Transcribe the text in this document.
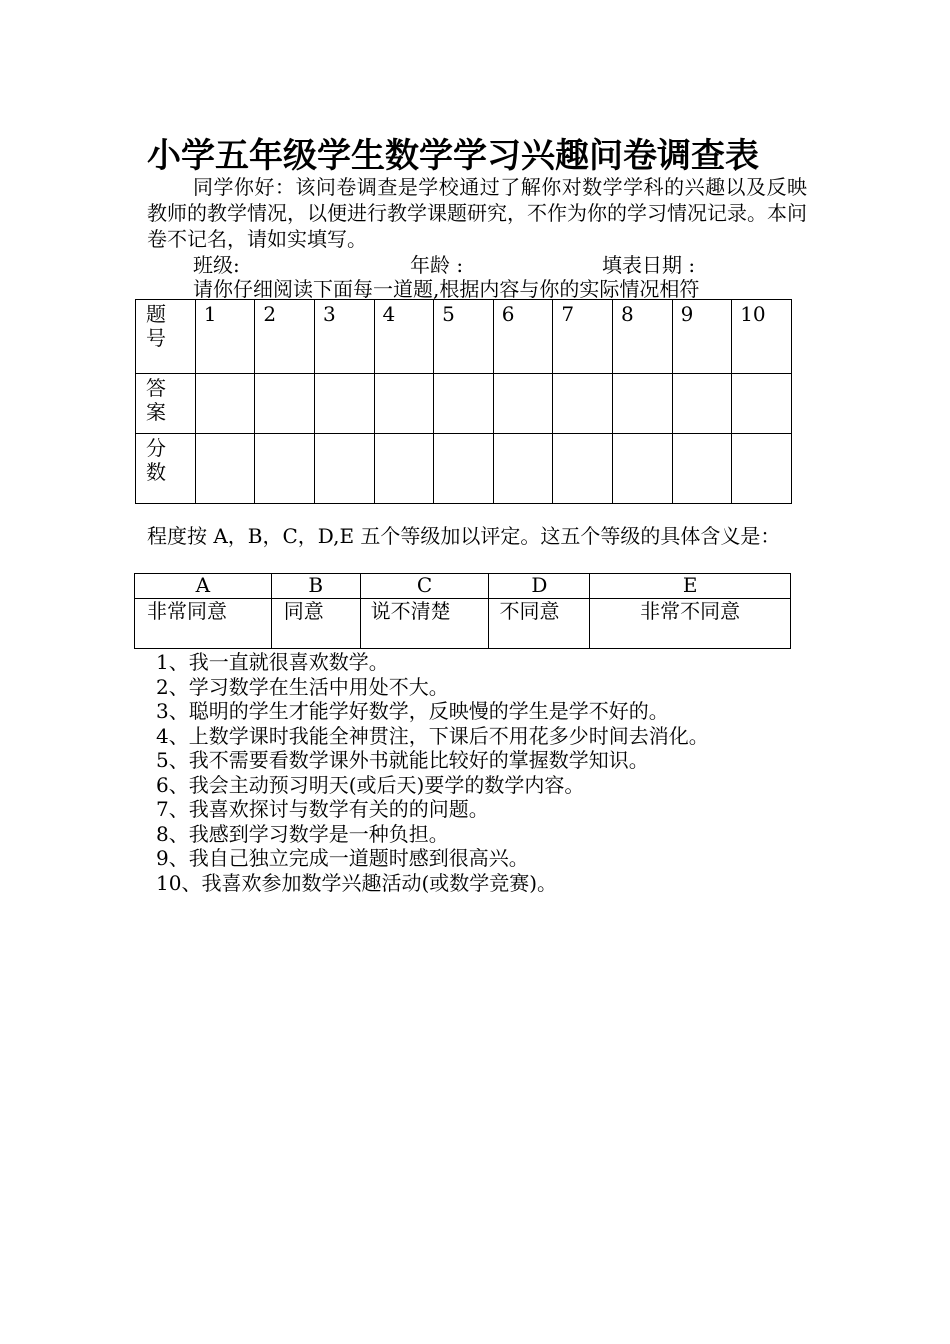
小学五年级学生数学学习兴趣问卷调查表
同学你好：该问卷调查是学校通过了解你对数学学科的兴趣以及反映教师的教学情况，以便进行教学课题研究，不作为你的学习情况记录。本问卷不记名，请如实填写。
班级:	年龄 :	填表日期 :
请你仔细阅读下面每一道题,根据内容与你的实际情况相符
题号	1	2	3	4	5	6	7	8	9	10

答案										

分数										

程度按 A，B，C，D,E 五个等级加以评定。这五个等级的具体含义是：
A	B	C	D	E

非常同意	同意	说不清楚	不同意	非常不同意
1、我一直就很喜欢数学。
2、学习数学在生活中用处不大。
3、聪明的学生才能学好数学，反映慢的学生是学不好的。
4、上数学课时我能全神贯注，下课后不用花多少时间去消化。
5、我不需要看数学课外书就能比较好的掌握数学知识。
6、我会主动预习明天(或后天)要学的数学内容。
7、我喜欢探讨与数学有关的的问题。
8、我感到学习数学是一种负担。
9、我自己独立完成一道题时感到很高兴。
10、我喜欢参加数学兴趣活动(或数学竞赛)。
